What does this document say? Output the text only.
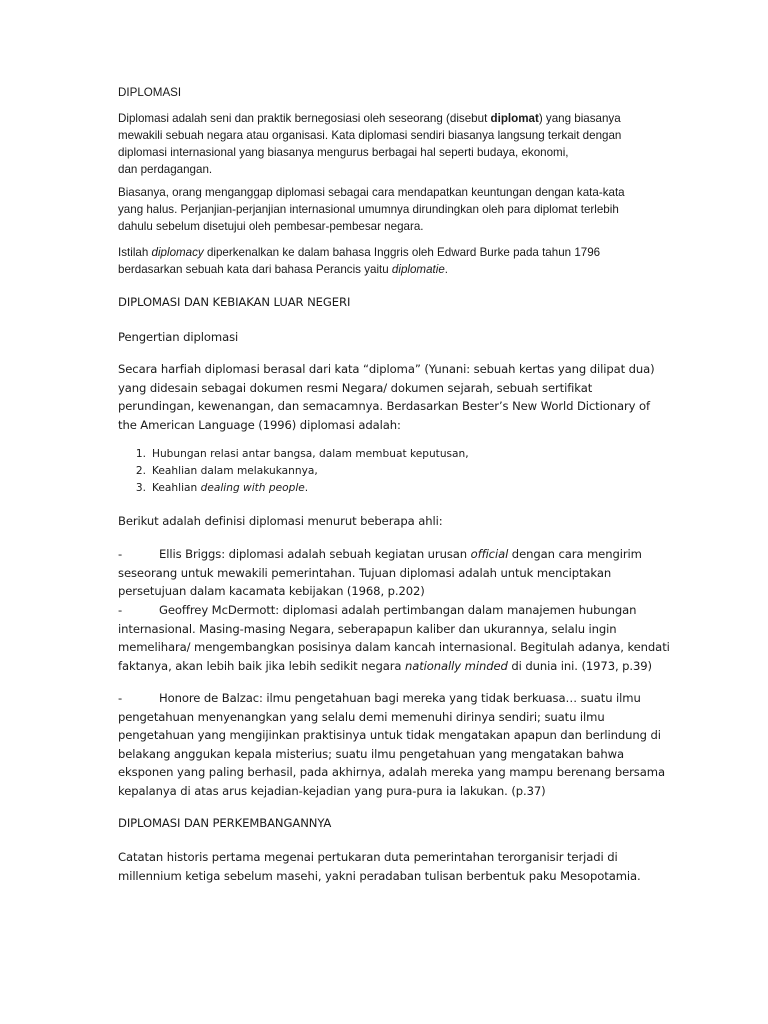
DIPLOMASI
Diplomasi adalah seni dan praktik bernegosiasi oleh seseorang (disebut diplomat) yang biasanya
mewakili sebuah negara atau organisasi. Kata diplomasi sendiri biasanya langsung terkait dengan
diplomasi internasional yang biasanya mengurus berbagai hal seperti budaya, ekonomi,
dan perdagangan.
Biasanya, orang menganggap diplomasi sebagai cara mendapatkan keuntungan dengan kata-kata
yang halus. Perjanjian-perjanjian internasional umumnya dirundingkan oleh para diplomat terlebih
dahulu sebelum disetujui oleh pembesar-pembesar negara.
Istilah diplomacy diperkenalkan ke dalam bahasa Inggris oleh Edward Burke pada tahun 1796
berdasarkan sebuah kata dari bahasa Perancis yaitu diplomatie.
DIPLOMASI DAN KEBIAKAN LUAR NEGERI
Pengertian diplomasi
Secara harfiah diplomasi berasal dari kata “diploma” (Yunani: sebuah kertas yang dilipat dua)
yang didesain sebagai dokumen resmi Negara/ dokumen sejarah, sebuah sertifikat
perundingan, kewenangan, dan semacamnya. Berdasarkan Bester’s New World Dictionary of
the American Language (1996) diplomasi adalah:
1. Hubungan relasi antar bangsa, dalam membuat keputusan,
2. Keahlian dalam melakukannya,
3. Keahlian dealing with people.
Berikut adalah definisi diplomasi menurut beberapa ahli:
-	Ellis Briggs: diplomasi adalah sebuah kegiatan urusan official dengan cara mengirim
seseorang untuk mewakili pemerintahan. Tujuan diplomasi adalah untuk menciptakan
persetujuan dalam kacamata kebijakan (1968, p.202)
-	Geoffrey McDermott: diplomasi adalah pertimbangan dalam manajemen hubungan
internasional. Masing-masing Negara, seberapapun kaliber dan ukurannya, selalu ingin
memelihara/ mengembangkan posisinya dalam kancah internasional. Begitulah adanya, kendati
faktanya, akan lebih baik jika lebih sedikit negara nationally minded di dunia ini. (1973, p.39)
-	Honore de Balzac: ilmu pengetahuan bagi mereka yang tidak berkuasa… suatu ilmu
pengetahuan menyenangkan yang selalu demi memenuhi dirinya sendiri; suatu ilmu
pengetahuan yang mengijinkan praktisinya untuk tidak mengatakan apapun dan berlindung di
belakang anggukan kepala misterius; suatu ilmu pengetahuan yang mengatakan bahwa
eksponen yang paling berhasil, pada akhirnya, adalah mereka yang mampu berenang bersama
kepalanya di atas arus kejadian-kejadian yang pura-pura ia lakukan. (p.37)
DIPLOMASI DAN PERKEMBANGANNYA
Catatan historis pertama megenai pertukaran duta pemerintahan terorganisir terjadi di
millennium ketiga sebelum masehi, yakni peradaban tulisan berbentuk paku Mesopotamia.
